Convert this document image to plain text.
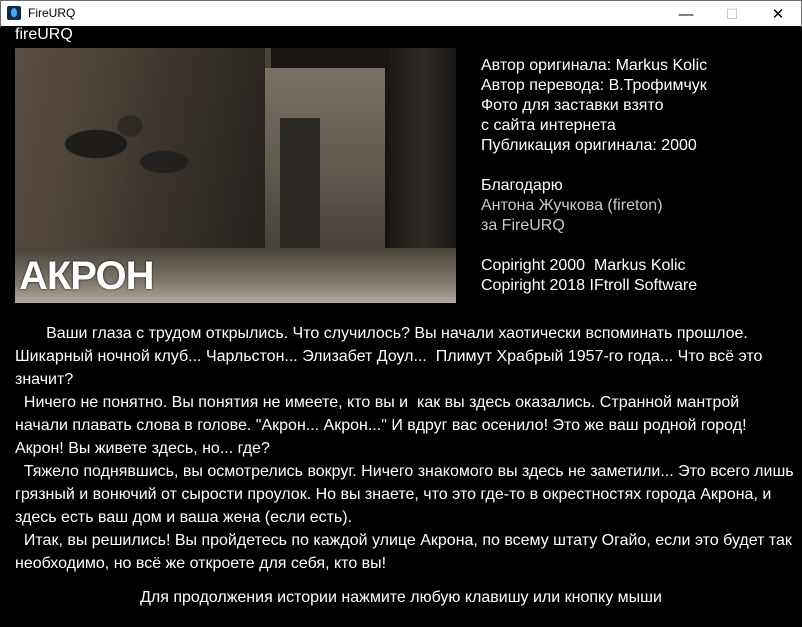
FireURQ	—	☐	✕
fireURQ
АКРОН
Автор оригинала: Markus Kolic
Автор перевода: В.Трофимчук
Фото для заставки взято
с сайта интернета
Публикация оригинала: 2000
Благодарю
Антона Жучкова (fireton)
за FireURQ
Copiright 2000  Markus Kolic
Copiright 2018 IFtroll Software

Ваши глаза с трудом открылись. Что случилось? Вы начали хаотически вспоминать прошлое. Шикарный ночной клуб... Чарльстон... Элизабет Доул...  Плимут Храбрый 1957-го года... Что всё это значит?

Ничего не понятно. Вы понятия не имеете, кто вы и  как вы здесь оказались. Странной мантрой начали плавать слова в голове. "Акрон... Акрон..." И вдруг вас осенило! Это же ваш родной город! Акрон! Вы живете здесь, но... где?

Тяжело поднявшись, вы осмотрелись вокруг. Ничего знакомого вы здесь не заметили... Это всего лишь грязный и вонючий от сырости проулок. Но вы знаете, что это где-то в окрестностях города Акрона, и здесь есть ваш дом и ваша жена (если есть).

Итак, вы решились! Вы пройдетесь по каждой улице Акрона, по всему штату Огайо, если это будет так необходимо, но всё же откроете для себя, кто вы!

Для продолжения истории нажмите любую клавишу или кнопку мыши
